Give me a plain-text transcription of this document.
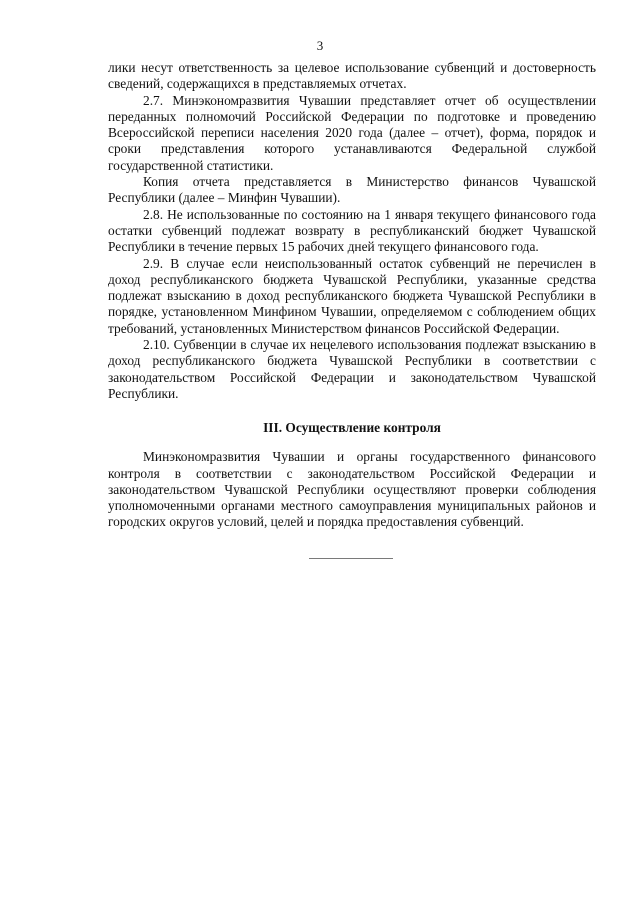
3

лики несут ответственность за целевое использование субвенций и достоверность сведений, содержащихся в представляемых отчетах.

2.7. Минэкономразвития Чувашии представляет отчет об осуществлении переданных полномочий Российской Федерации по подготовке и проведению Всероссийской переписи населения 2020 года (далее – отчет), форма, порядок и сроки представления которого устанавливаются Федеральной службой государственной статистики.

Копия отчета представляется в Министерство финансов Чувашской Республики (далее – Минфин Чувашии).

2.8. Не использованные по состоянию на 1 января текущего финансового года остатки субвенций подлежат возврату в республиканский бюджет Чувашской Республики в течение первых 15 рабочих дней текущего финансового года.

2.9. В случае если неиспользованный остаток субвенций не перечислен в доход республиканского бюджета Чувашской Республики, указанные средства подлежат взысканию в доход республиканского бюджета Чувашской Республики в порядке, установленном Минфином Чувашии, определяемом с соблюдением общих требований, установленных Министерством финансов Российской Федерации.

2.10. Субвенции в случае их нецелевого использования подлежат взысканию в доход республиканского бюджета Чувашской Республики в соответствии с законодательством Российской Федерации и законодательством Чувашской Республики.

III. Осуществление контроля

Минэкономразвития Чувашии и органы государственного финансового контроля в соответствии с законодательством Российской Федерации и законодательством Чувашской Республики осуществляют проверки соблюдения уполномоченными органами местного самоуправления муниципальных районов и городских округов условий, целей и порядка предоставления субвенций.
